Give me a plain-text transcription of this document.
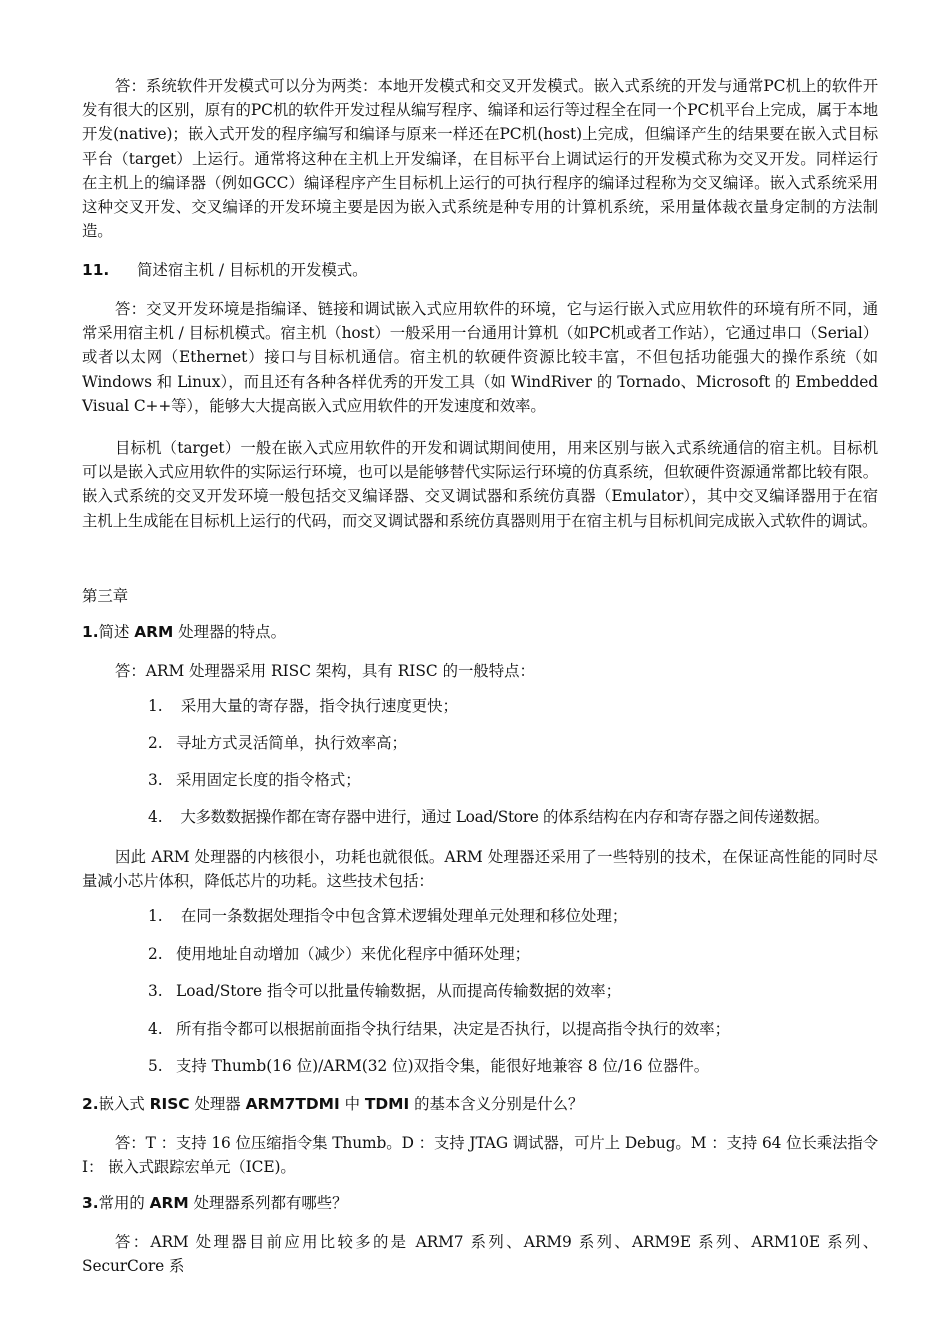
答：系统软件开发模式可以分为两类：本地开发模式和交叉开发模式。嵌入式系统的开发与通常PC机上的软件开发有很大的区别，原有的PC机的软件开发过程从编写程序、编译和运行等过程全在同一个PC机平台上完成，属于本地开发(native)；嵌入式开发的程序编写和编译与原来一样还在PC机(host)上完成，但编译产生的结果要在嵌入式目标平台（target）上运行。通常将这种在主机上开发编译，在目标平台上调试运行的开发模式称为交叉开发。同样运行在主机上的编译器（例如GCC）编译程序产生目标机上运行的可执行程序的编译过程称为交叉编译。嵌入式系统采用这种交叉开发、交叉编译的开发环境主要是因为嵌入式系统是种专用的计算机系统，采用量体裁衣量身定制的方法制造。
11. 简述宿主机 / 目标机的开发模式。
答：交叉开发环境是指编译、链接和调试嵌入式应用软件的环境，它与运行嵌入式应用软件的环境有所不同，通常采用宿主机 / 目标机模式。宿主机（host）一般采用一台通用计算机（如PC机或者工作站），它通过串口（Serial）或者以太网（Ethernet）接口与目标机通信。宿主机的软硬件资源比较丰富，不但包括功能强大的操作系统（如 Windows 和 Linux），而且还有各种各样优秀的开发工具（如 WindRiver 的 Tornado、Microsoft 的 Embedded Visual C++等），能够大大提高嵌入式应用软件的开发速度和效率。
目标机（target）一般在嵌入式应用软件的开发和调试期间使用，用来区别与嵌入式系统通信的宿主机。目标机可以是嵌入式应用软件的实际运行环境，也可以是能够替代实际运行环境的仿真系统，但软硬件资源通常都比较有限。嵌入式系统的交叉开发环境一般包括交叉编译器、交叉调试器和系统仿真器（Emulator），其中交叉编译器用于在宿主机上生成能在目标机上运行的代码，而交叉调试器和系统仿真器则用于在宿主机与目标机间完成嵌入式软件的调试。
第三章
1.简述 ARM 处理器的特点。
答：ARM 处理器采用 RISC 架构，具有 RISC 的一般特点：
1. 采用大量的寄存器，指令执行速度更快；
2. 寻址方式灵活简单，执行效率高；
3. 采用固定长度的指令格式；
4. 大多数数据操作都在寄存器中进行，通过 Load/Store 的体系结构在内存和寄存器之间传递数据。
因此 ARM 处理器的内核很小，功耗也就很低。ARM 处理器还采用了一些特别的技术，在保证高性能的同时尽量减小芯片体积，降低芯片的功耗。这些技术包括：
1. 在同一条数据处理指令中包含算术逻辑处理单元处理和移位处理；
2. 使用地址自动增加（减少）来优化程序中循环处理；
3. Load/Store 指令可以批量传输数据，从而提高传输数据的效率；
4. 所有指令都可以根据前面指令执行结果，决定是否执行，以提高指令执行的效率；
5. 支持 Thumb(16 位)/ARM(32 位)双指令集，能很好地兼容 8 位/16 位器件。
2.嵌入式 RISC 处理器 ARM7TDMI 中 TDMI 的基本含义分别是什么？
答：T ：支持 16 位压缩指令集 Thumb。D ：支持 JTAG 调试器，可片上 Debug。M ：支持 64 位长乘法指令 I： 嵌入式跟踪宏单元（ICE)。
3.常用的 ARM 处理器系列都有哪些？
答：ARM 处理器目前应用比较多的是 ARM7 系列、ARM9 系列、ARM9E 系列、ARM10E 系列、SecurCore 系
